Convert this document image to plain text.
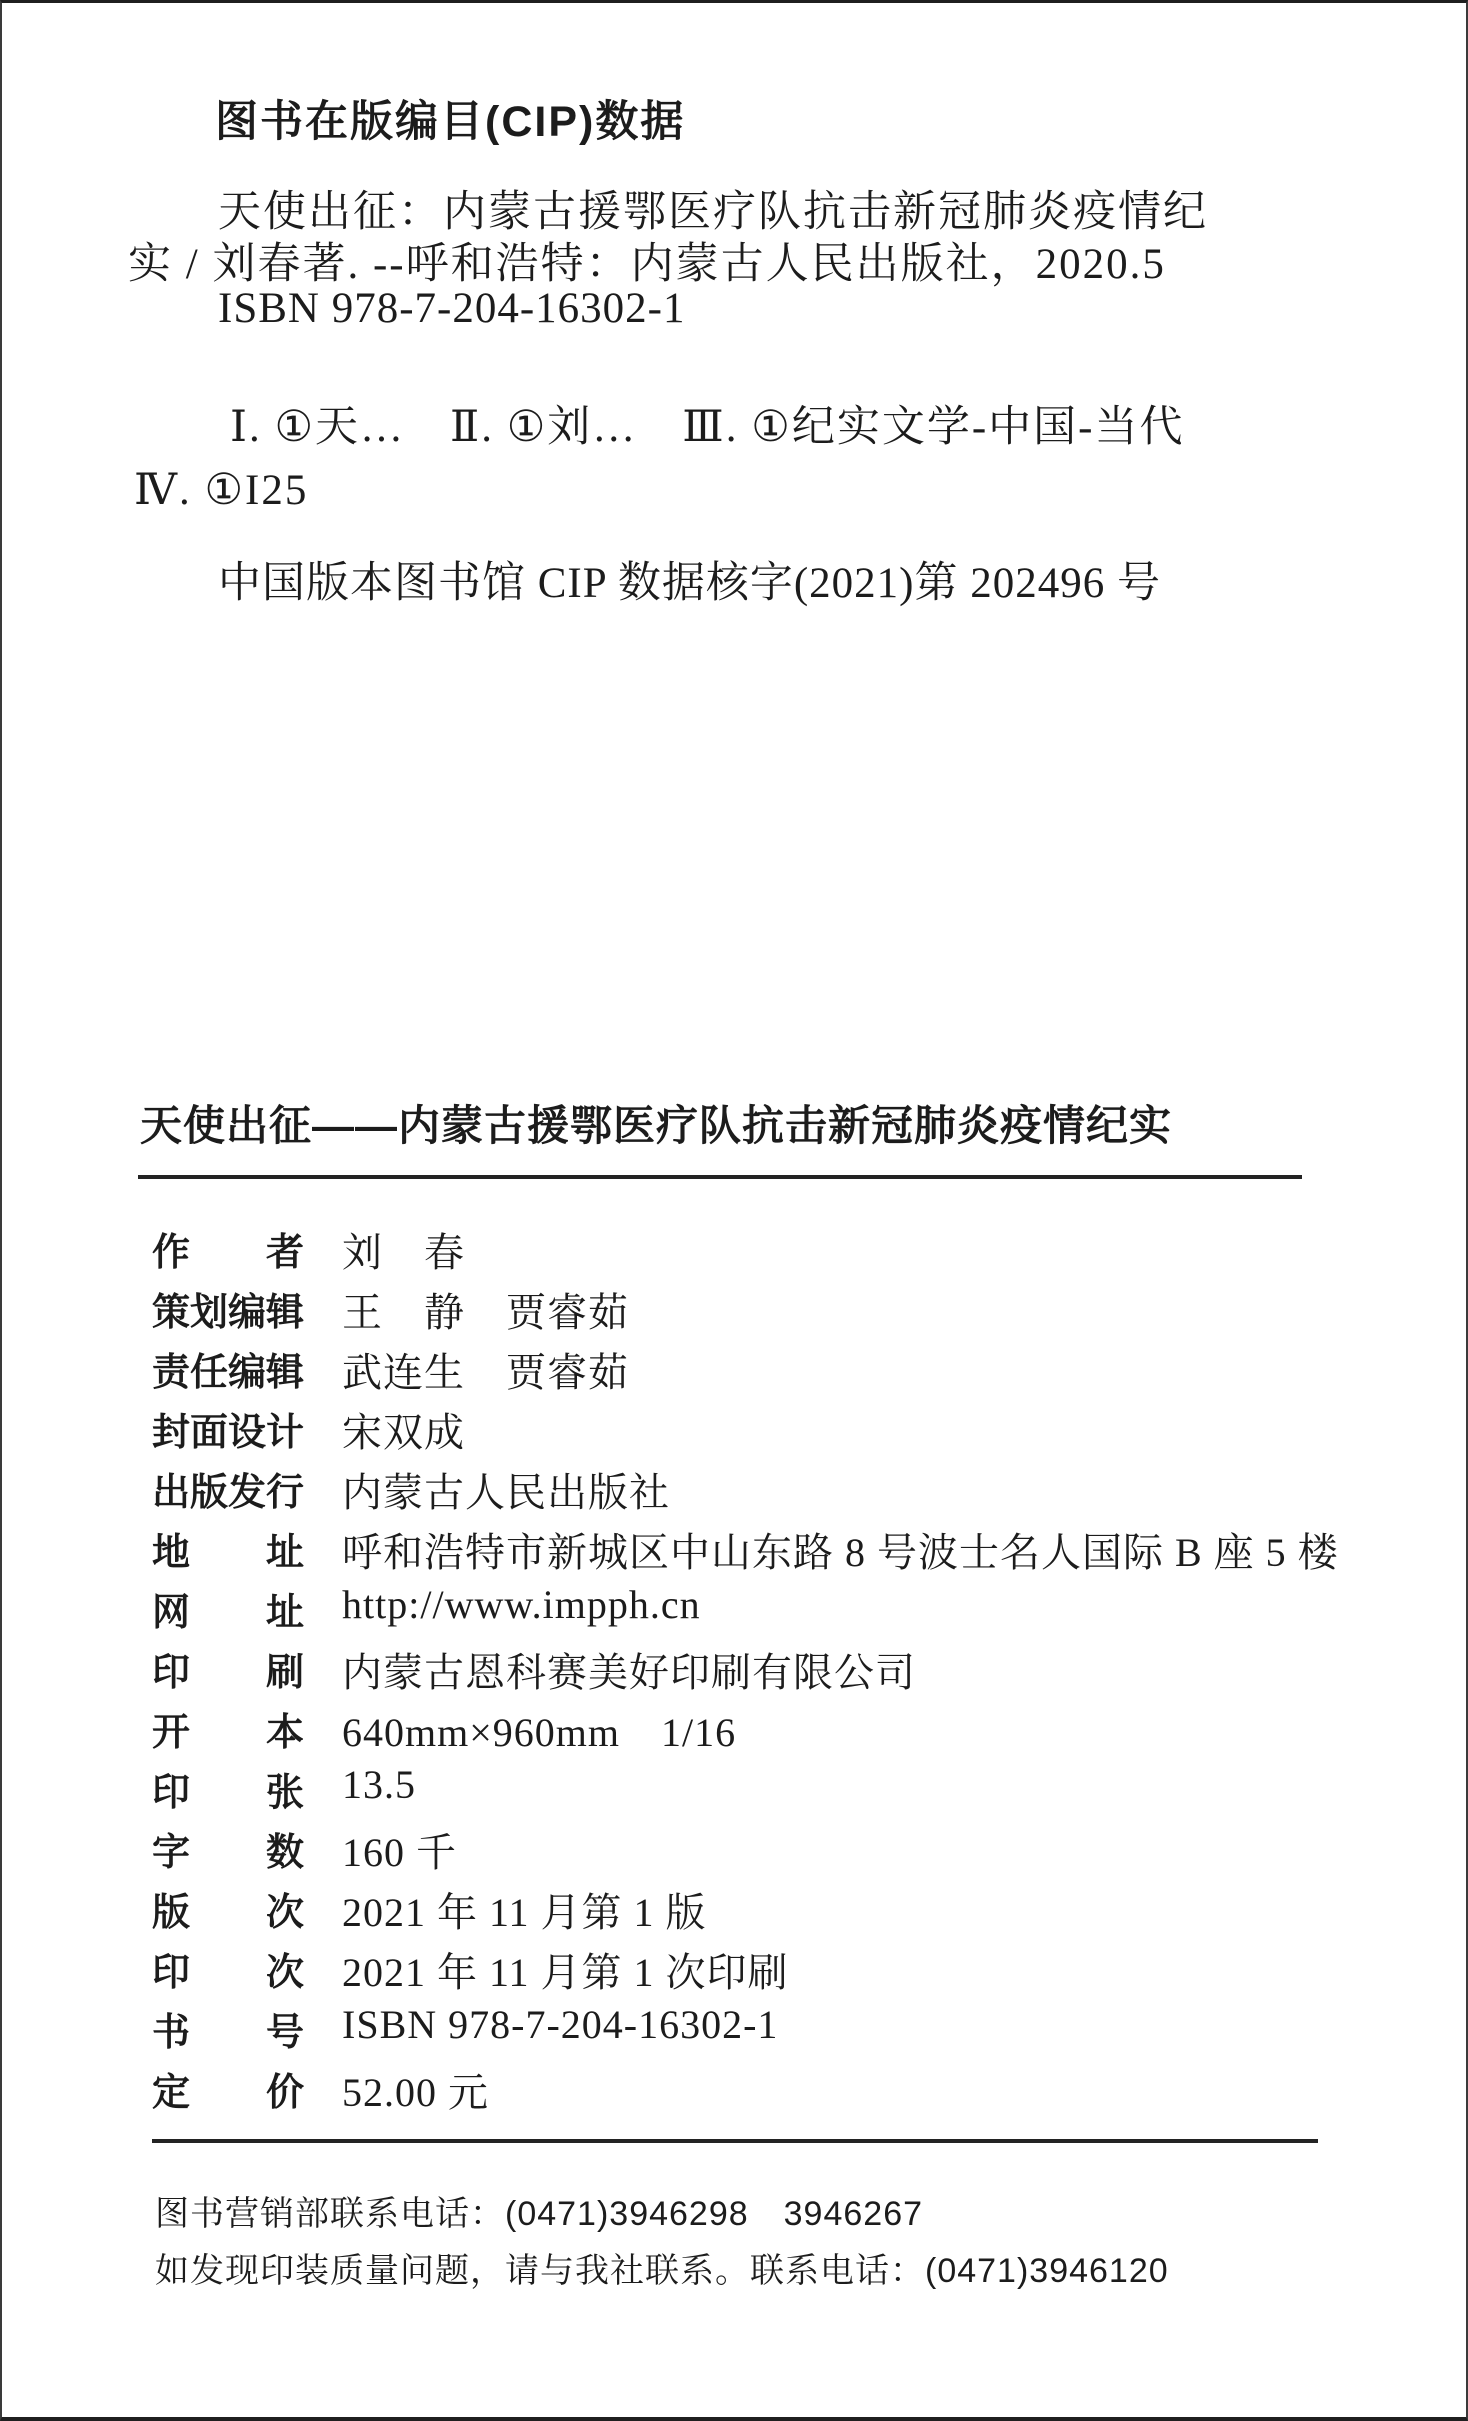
图书在版编目(CIP)数据
天使出征：内蒙古援鄂医疗队抗击新冠肺炎疫情纪
实 / 刘春著. --呼和浩特：内蒙古人民出版社，2020.5
ISBN 978-7-204-16302-1
Ⅰ. ①天…　Ⅱ. ①刘…　Ⅲ. ①纪实文学-中国-当代
Ⅳ. ①I25
中国版本图书馆 CIP 数据核字(2021)第 202496 号
天使出征——内蒙古援鄂医疗队抗击新冠肺炎疫情纪实
作　　者 刘　春
策划编辑 王　静　贾睿茹
责任编辑 武连生　贾睿茹
封面设计 宋双成
出版发行 内蒙古人民出版社
地　　址 呼和浩特市新城区中山东路 8 号波士名人国际 B 座 5 楼
网　　址 http://www.impph.cn
印　　刷 内蒙古恩科赛美好印刷有限公司
开　　本 640mm×960mm　1/16
印　　张 13.5
字　　数 160 千
版　　次 2021 年 11 月第 1 版
印　　次 2021 年 11 月第 1 次印刷
书　　号 ISBN 978-7-204-16302-1
定　　价 52.00 元
图书营销部联系电话：(0471)3946298　3946267
如发现印装质量问题，请与我社联系。联系电话：(0471)3946120
